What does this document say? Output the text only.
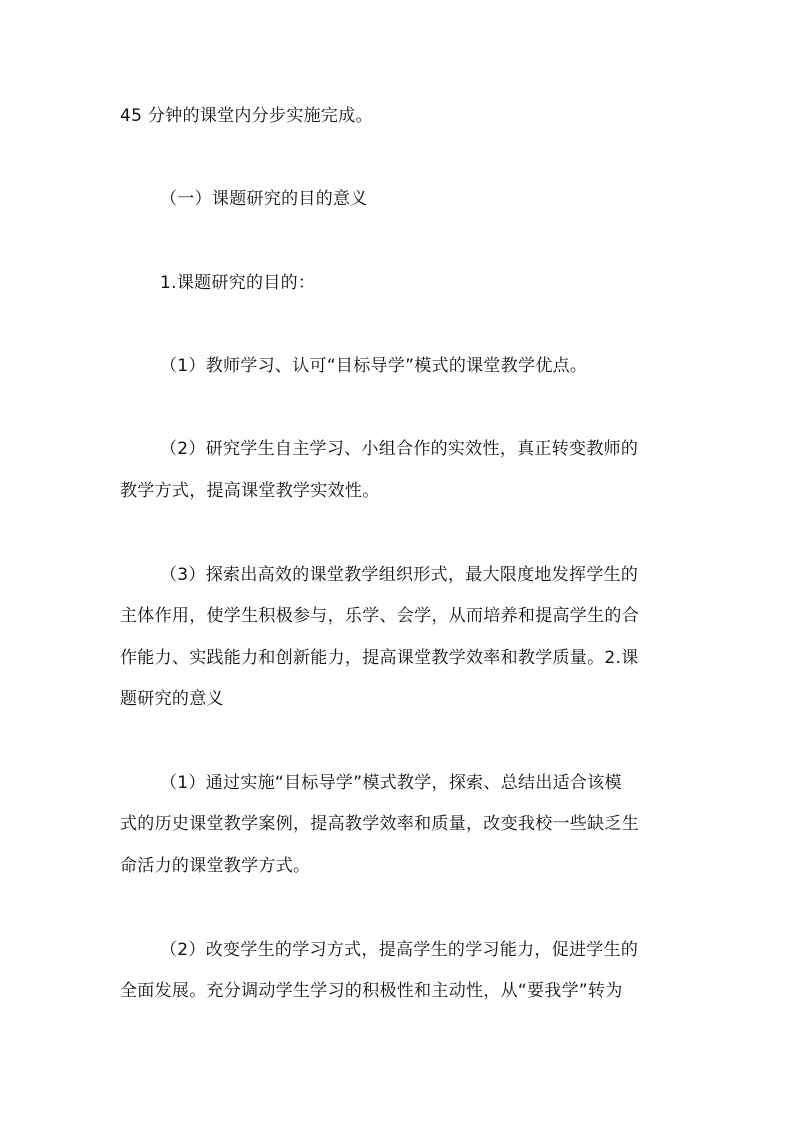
45 分钟的课堂内分步实施完成。
（一）课题研究的目的意义
1.课题研究的目的：
（1）教师学习、认可“目标导学”模式的课堂教学优点。
（2）研究学生自主学习、小组合作的实效性，真正转变教师的
教学方式，提高课堂教学实效性。
（3）探索出高效的课堂教学组织形式，最大限度地发挥学生的
主体作用，使学生积极参与，乐学、会学，从而培养和提高学生的合
作能力、实践能力和创新能力，提高课堂教学效率和教学质量。2.课
题研究的意义
（1）通过实施“目标导学”模式教学，探索、总结出适合该模
式的历史课堂教学案例，提高教学效率和质量，改变我校一些缺乏生
命活力的课堂教学方式。
（2）改变学生的学习方式，提高学生的学习能力，促进学生的
全面发展。充分调动学生学习的积极性和主动性，从“要我学”转为
